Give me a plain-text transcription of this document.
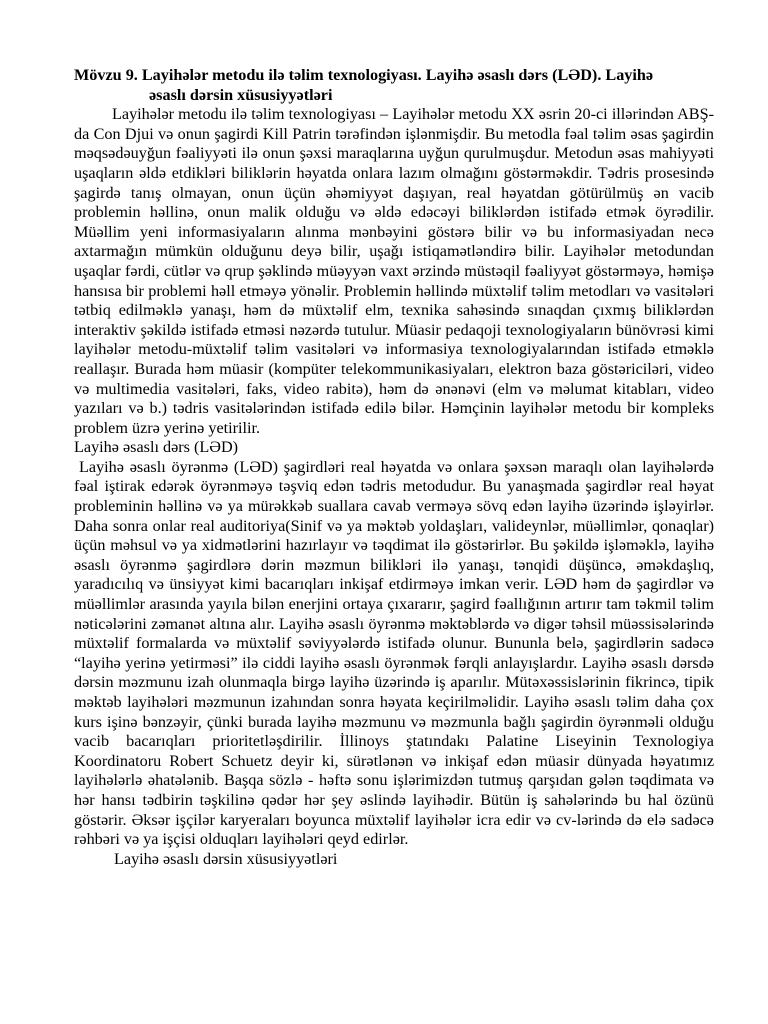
Mövzu 9. Layihələr metodu ilə təlim texnologiyası. Layihə əsaslı dərs (LƏD). Layihə
əsaslı dərsin xüsusiyyətləri

Layihələr metodu ilə təlim texnologiyası – Layihələr metodu XX əsrin 20-ci illərindən ABŞ-da Con Djui və onun şagirdi Kill Patrin tərəfindən işlənmişdir. Bu metodla fəal təlim əsas şagirdin məqsədəuyğun fəaliyyəti ilə onun şəxsi maraqlarına uyğun qurulmuşdur. Metodun əsas mahiyyəti uşaqların əldə etdikləri biliklərin həyatda onlara lazım olmağını göstərməkdir. Tədris prosesində şagirdə tanış olmayan, onun üçün əhəmiyyət daşıyan, real həyatdan götürülmüş ən vacib problemin həllinə, onun malik olduğu və əldə edəcəyi biliklərdən istifadə etmək öyrədilir. Müəllim yeni informasiyaların alınma mənbəyini göstərə bilir və bu informasiyadan necə axtarmağın mümkün olduğunu deyə bilir, uşağı istiqamətləndirə bilir. Layihələr metodundan uşaqlar fərdi, cütlər və qrup şəklində müəyyən vaxt ərzində müstəqil fəaliyyət göstərməyə, həmişə hansısa bir problemi həll etməyə yönəlir. Problemin həllində müxtəlif təlim metodları və vasitələri tətbiq edilməklə yanaşı, həm də müxtəlif elm, texnika sahəsində sınaqdan çıxmış biliklərdən interaktiv şəkildə istifadə etməsi nəzərdə tutulur. Müasir pedaqoji texnologiyaların bünövrəsi kimi layihələr metodu-müxtəlif təlim vasitələri və informasiya texnologiyalarından istifadə etməklə reallaşır. Burada həm müasir (kompüter telekommunikasiyaları, elektron baza göstəriciləri, video və multimedia vasitələri, faks, video rabitə), həm də ənənəvi (elm və məlumat kitabları, video yazıları və b.) tədris vasitələrindən istifadə edilə bilər. Həmçinin layihələr metodu bir kompleks problem üzrə yerinə yetirilir.

Layihə əsaslı dərs (LƏD)

Layihə əsaslı öyrənmə (LƏD) şagirdləri real həyatda və onlara şəxsən maraqlı olan layihələrdə fəal iştirak edərək öyrənməyə təşviq edən tədris metodudur. Bu yanaşmada şagirdlər real həyat probleminin həllinə və ya mürəkkəb suallara cavab verməyə sövq edən layihə üzərində işləyirlər. Daha sonra onlar real auditoriya(Sinif və ya məktəb yoldaşları, valideynlər, müəllimlər, qonaqlar) üçün məhsul və ya xidmətlərini hazırlayır və təqdimat ilə göstərirlər. Bu şəkildə işləməklə, layihə əsaslı öyrənmə şagirdlərə dərin məzmun bilikləri ilə yanaşı, tənqidi düşüncə, əməkdaşlıq, yaradıcılıq və ünsiyyət kimi bacarıqları inkişaf etdirməyə imkan verir. LƏD həm də şagirdlər və müəllimlər arasında yayıla bilən enerjini ortaya çıxararır, şagird fəallığının artırır tam təkmil təlim nəticələrini zəmanət altına alır. Layihə əsaslı öyrənmə məktəblərdə və digər təhsil müəssisələrində müxtəlif formalarda və müxtəlif səviyyələrdə istifadə olunur. Bununla belə, şagirdlərin sadəcə “layihə yerinə yetirməsi” ilə ciddi layihə əsaslı öyrənmək fərqli anlayışlardır. Layihə əsaslı dərsdə dərsin məzmunu izah olunmaqla birgə layihə üzərində iş aparılır. Mütəxəssislərinin fikrincə, tipik məktəb layihələri məzmunun izahından sonra həyata keçirilməlidir. Layihə əsaslı təlim daha çox kurs işinə bənzəyir, çünki burada layihə məzmunu və məzmunla bağlı şagirdin öyrənməli olduğu vacib bacarıqları prioritetləşdirilir. İllinoys ştatındakı Palatine Liseyinin Texnologiya Koordinatoru Robert Schuetz deyir ki, sürətlənən və inkişaf edən müasir dünyada həyatımız layihələrlə əhatələnib. Başqa sözlə - həftə sonu işlərimizdən tutmuş qarşıdan gələn təqdimata və hər hansı tədbirin təşkilinə qədər hər şey əslində layihədir. Bütün iş sahələrində bu hal özünü göstərir. Əksər işçilər karyeraları boyunca müxtəlif layihələr icra edir və cv-lərində də elə sadəcə rəhbəri və ya işçisi olduqları layihələri qeyd edirlər.

Layihə əsaslı dərsin xüsusiyyətləri
